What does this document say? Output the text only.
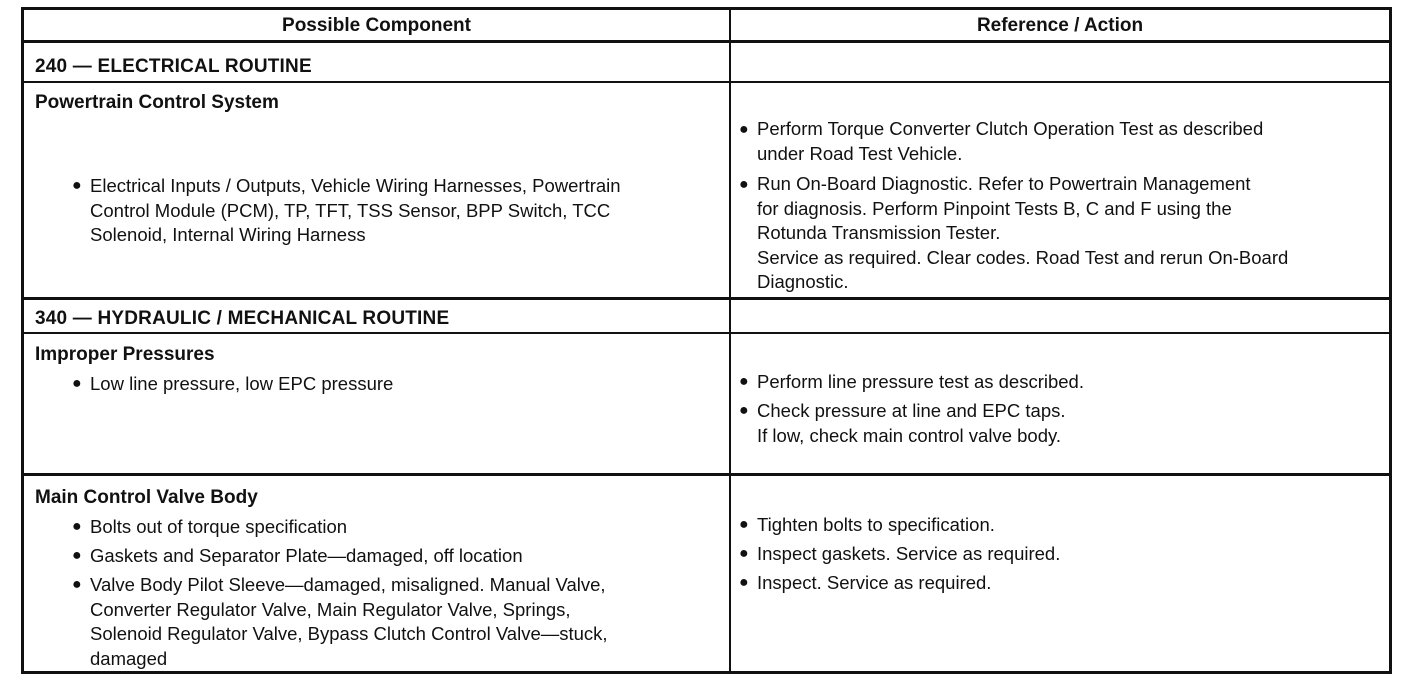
Possible Component	Reference / Action
240 — ELECTRICAL ROUTINE
340 — HYDRAULIC / MECHANICAL ROUTINE
Powertrain Control System
● Electrical Inputs / Outputs, Vehicle Wiring Harnesses, Powertrain
Control Module (PCM), TP, TFT, TSS Sensor, BPP Switch, TCC
Solenoid, Internal Wiring Harness
● Perform Torque Converter Clutch Operation Test as described
under Road Test Vehicle.
● Run On-Board Diagnostic. Refer to Powertrain Management
for diagnosis. Perform Pinpoint Tests B, C and F using the
Rotunda Transmission Tester.
Service as required. Clear codes. Road Test and rerun On-Board
Diagnostic.
Improper Pressures
● Low line pressure, low EPC pressure	● Perform line pressure test as described.
● Check pressure at line and EPC taps.
If low, check main control valve body.
Main Control Valve Body
● Bolts out of torque specification
● Gaskets and Separator Plate—damaged, off location
● Valve Body Pilot Sleeve—damaged, misaligned. Manual Valve,
Converter Regulator Valve, Main Regulator Valve, Springs,
Solenoid Regulator Valve, Bypass Clutch Control Valve—stuck,
damaged
● Tighten bolts to specification.
● Inspect gaskets. Service as required.
● Inspect. Service as required.
